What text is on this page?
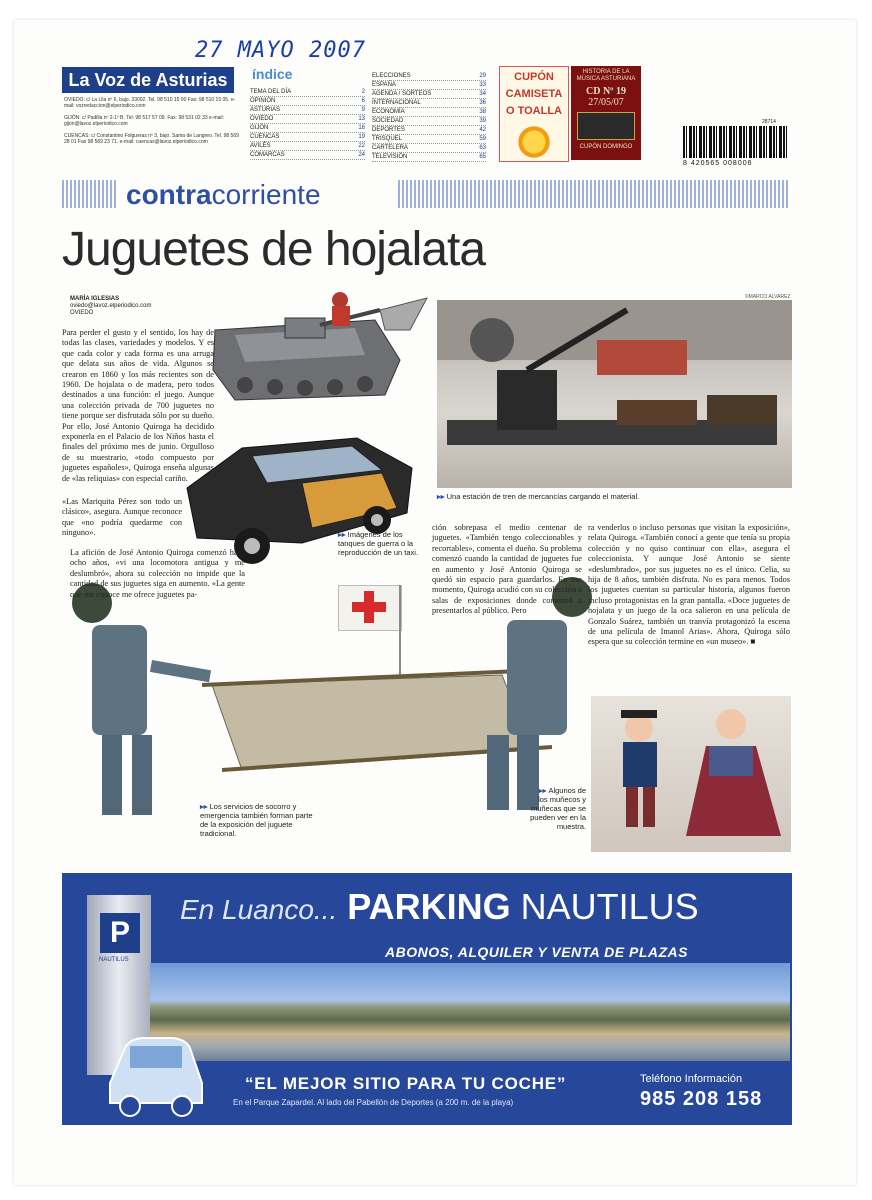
27 MAYO 2007
La Voz de Asturias

OVIEDO: c/ La Lila nº 6, bajo. 33002. Tel. 98 510 15 00 Fax: 98 510 15 05. e-mail: vozredaccion@elperiodico.com

GIJÓN: c/ Padilla nº 2-1º B. Tel: 98 517 57 09. Fax: 98 531 02 33 e-mail: gijon@lavoz.elperiodico.com

CUENCAS: c/ Constantino Folgueras nº 3, bajo. Sama de Langreo. Tel. 98 569 28 01 Fax 98 569 23 71. e-mail: cuencas@lavoz.elperiodico.com

índice
TEMA DEL DÍA	2
OPINIÓN	6
ASTURIAS	9
OVIEDO	13
GIJÓN	16
CUENCAS	19
AVILÉS	22
COMARCAS	24
ELECCIONES	29
ESPAÑA	33
AGENDA / SORTEOS	34
INTERNACIONAL	36
ECONOMÍA	38
SOCIEDAD	39
DEPORTES	42
TRISQUEL	59
CARTELERA	63
TELEVISIÓN	65
CUPÓN
CAMISETA
O TOALLA
HISTORIA DE LA MÚSICA ASTURIANA
CD Nº 19
27/05/07
CUPÓN DOMINGO
28714
8 420565 008006
contracorriente
Juguetes de hojalata
MARÍA IGLESIAS
oviedo@lavoz.elperiodico.com
OVIEDO
©MARCO ALVAREZ
▸▸ Una estación de tren de mercancías cargando el material.
Para perder el gusto y el sentido, los hay de todas las clases, variedades y modelos. Y es que cada color y cada forma es una arruga que delata sus años de vida. Algunos se crearon en 1860 y los más recientes son de 1960. De hojalata o de madera, pero todos destinados a una función: el juego. Aunque una colección privada de 700 juguetes no tiene porque ser disfrutada sólo por su dueño. Por ello, José Antonio Quiroga ha decidido exponerla en el Palacio de los Niños hasta el finales del próximo mes de junio. Orgulloso de su muestrario, «todo compuesto por juguetes españoles», Quiroga enseña algunas de «las reliquias» con especial cariño.
«Las Mariquita Pérez son todo un clásico», asegura. Aunque reconoce que «no podría quedarme con ninguno».
La afición de José Antonio Quiroga comenzó hace ocho años, «vi una locomotora antigua y me deslumbró», ahora su colección no impide que la cantidad de sus juguetes siga en aumento. «La gente que me conoce me ofrece juguetes pa-
ción sobrepasa el medio centenar de juguetes. «También tengo coleccionables y recortables», comenta el dueño. Su problema comenzó cuando la cantidad de juguetes fue en aumento y José Antonio Quiroga se quedó sin espacio para guardarlos. En ese momento, Quiroga acudió con su colección a salas de exposiciones donde comenzó a presentarlos al público. Pero
ra venderlos o incluso personas que visitan la exposición», relata Quiroga. «También conocí a gente que tenía su propia colección y no quiso continuar con ella», asegura el coleccionista. Y aunque José Antonio se siente «deslumbrado», por sus juguetes no es el único. Celia, su hija de 8 años, también disfruta. No es para menos. Todos los juguetes cuentan su particular historia, algunos fueron incluso protagonistas en la gran pantalla. «Doce juguetes de hojalata y un juego de la oca salieron en una película de Gonzalo Suárez, también un tranvía protagonizó la escena de una película de Imanol Arias». Ahora, Quiroga sólo espera que su colección termine en «un museo». ■
▸▸ Imágenes de los tanques de guerra o la reproducción de un taxi.
▸▸ Los servicios de socorro y emergencia también forman parte de la exposición del juguete tradicional.
▸▸ Algunos de los muñecos y muñecas que se pueden ver en la muestra.
P
NAUTILUS
En Luanco... PARKING NAUTILUS
ABONOS, ALQUILER Y VENTA DE PLAZAS
“EL MEJOR SITIO PARA TU COCHE”
En el Parque Zapardel. Al lado del Pabellón de Deportes (a 200 m. de la playa)
Teléfono Información
985 208 158
